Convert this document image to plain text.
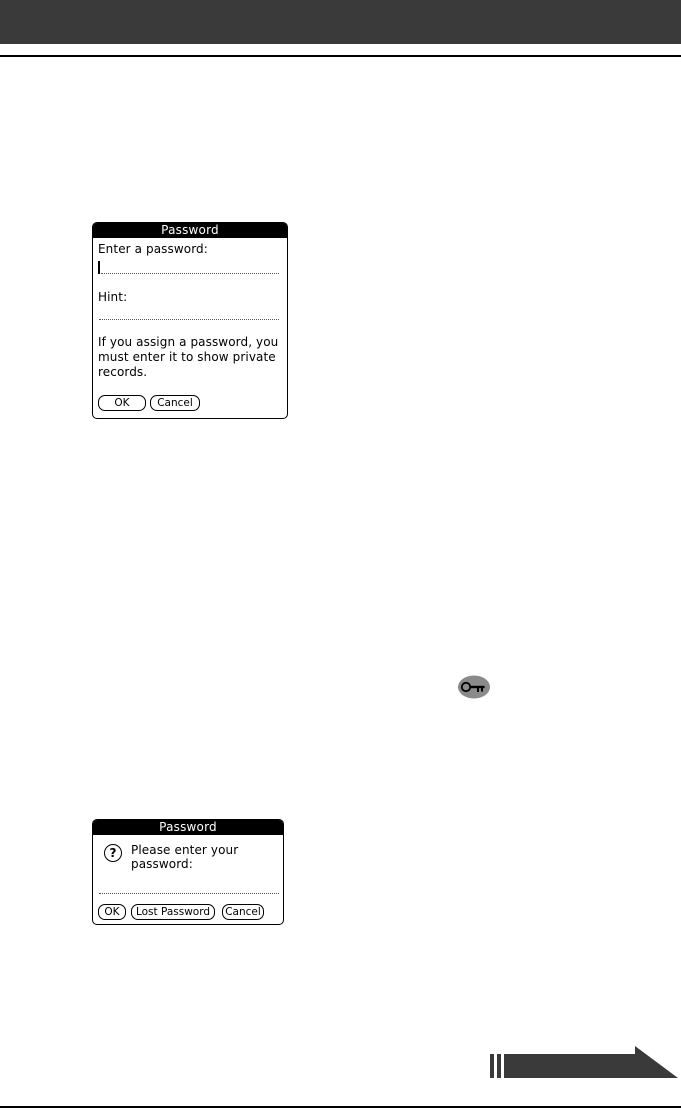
Password
Enter a password:
Hint:
If you assign a password, you
must enter it to show private
records.
OK	Cancel
Password
?	Please enter your
password:
OK	Lost Password	Cancel
